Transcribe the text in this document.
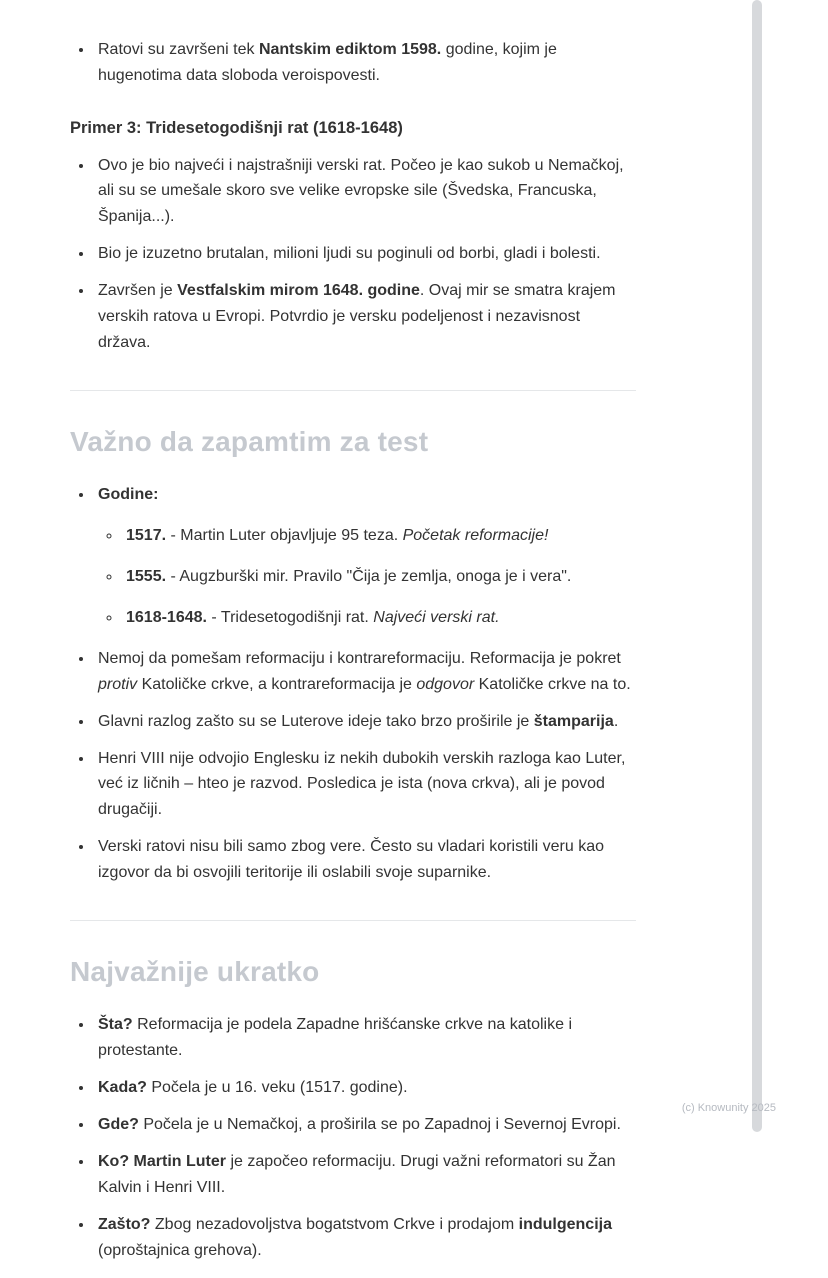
• Ratovi su završeni tek Nantskim ediktom 1598. godine, kojim je hugenotima data sloboda veroispovesti.
Primer 3: Tridesetogodišnji rat (1618-1648)
• Ovo je bio najveći i najstrašniji verski rat. Počeo je kao sukob u Nemačkoj, ali su se umešale skoro sve velike evropske sile (Švedska, Francuska, Španija...).
• Bio je izuzetno brutalan, milioni ljudi su poginuli od borbi, gladi i bolesti.
• Završen je Vestfalskim mirom 1648. godine. Ovaj mir se smatra krajem verskih ratova u Evropi. Potvrdio je versku podeljenost i nezavisnost država.
Važno da zapamtim za test
• Godine:
◦ 1517. - Martin Luter objavljuje 95 teza. Početak reformacije!
◦ 1555. - Augzburški mir. Pravilo "Čija je zemlja, onoga je i vera".
◦ 1618-1648. - Tridesetogodišnji rat. Najveći verski rat.
• Nemoj da pomešam reformaciju i kontrareformaciju. Reformacija je pokret protiv Katoličke crkve, a kontrareformacija je odgovor Katoličke crkve na to.
• Glavni razlog zašto su se Luterove ideje tako brzo proširile je štamparija.
• Henri VIII nije odvojio Englesku iz nekih dubokih verskih razloga kao Luter, već iz ličnih – hteo je razvod. Posledica je ista (nova crkva), ali je povod drugačiji.
• Verski ratovi nisu bili samo zbog vere. Često su vladari koristili veru kao izgovor da bi osvojili teritorije ili oslabili svoje suparnike.
Najvažnije ukratko
• Šta? Reformacija je podela Zapadne hrišćanske crkve na katolike i protestante.
• Kada? Počela je u 16. veku (1517. godine).
• Gde? Počela je u Nemačkoj, a proširila se po Zapadnoj i Severnoj Evropi.
• Ko? Martin Luter je započeo reformaciju. Drugi važni reformatori su Žan Kalvin i Henri VIII.
• Zašto? Zbog nezadovoljstva bogatstvom Crkve i prodajom indulgencija (oproštajnica grehova).
(c) Knowunity 2025
